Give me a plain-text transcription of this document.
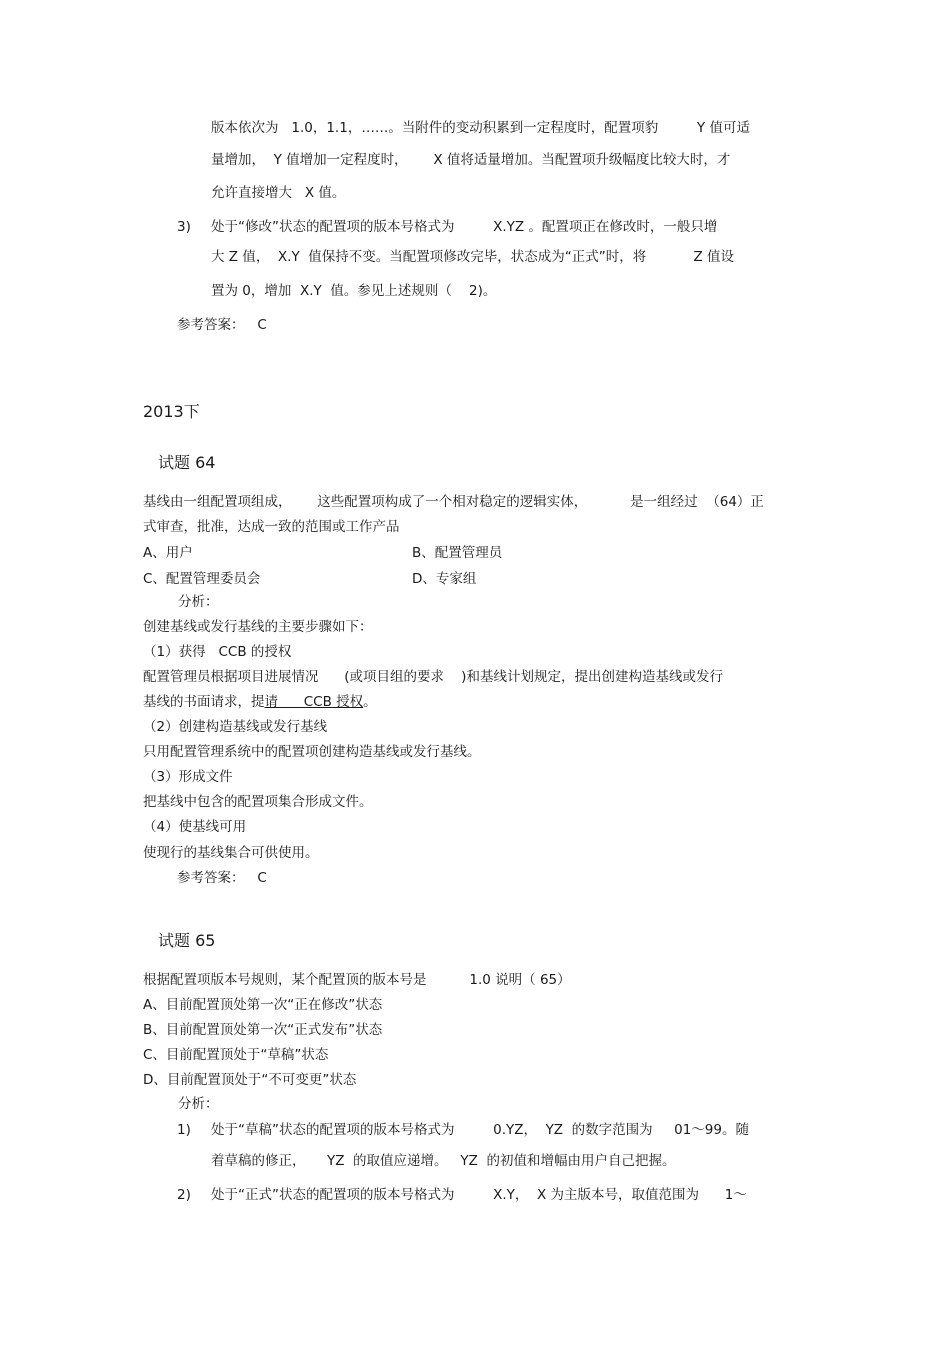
版本依次为   1.0，1.1，……。当附件的变动积累到一定程度时，配置项豹         Y 值可适
量增加，  Y 值增加一定程度时，      X 值将适量增加。当配置项升级幅度比较大时，才
允许直接增大   X 值。
3) 处于“修改”状态的配置项的版本号格式为         X.YZ 。配置项正在修改时，一般只增
大 Z 值，  X.Y  值保持不变。当配置项修改完毕，状态成为“正式”时，将           Z 值设
置为 0，增加  X.Y  值。参见上述规则（    2)。
参考答案：   C
2013下
试题 64
基线由一组配置项组成，      这些配置项构成了一个相对稳定的逻辑实体，          是一组经过  （64）正
式审查，批准，达成一致的范围或工作产品
A、用户	B、配置管理员
C、配置管理委员会	D、专家组
分析：
创建基线或发行基线的主要步骤如下：
（1）获得   CCB 的授权
配置管理员根据项目进展情况      (或项目组的要求    )和基线计划规定，提出创建构造基线或发行
基线的书面请求，提请      CCB 授权。
（2）创建构造基线或发行基线
只用配置管理系统中的配置项创建构造基线或发行基线。
（3）形成文件
把基线中包含的配置项集合形成文件。
（4）使基线可用
使现行的基线集合可供使用。
参考答案：   C
试题 65
根据配置项版本号规则，某个配置顶的版本号是          1.0 说明（ 65）
A、目前配置顶处第一次“正在修改”状态
B、目前配置顶处第一次“正式发布”状态
C、目前配置顶处于“草稿”状态
D、目前配置顶处于“不可变更”状态
分析：
1) 处于“草稿”状态的配置项的版本号格式为         0.YZ，  YZ  的数字范围为     01～99。随
着草稿的修正，     YZ  的取值应递增。   YZ  的初值和增幅由用户自己把握。
2) 处于“正式”状态的配置项的版本号格式为         X.Y，  X 为主版本号，取值范围为      1～
